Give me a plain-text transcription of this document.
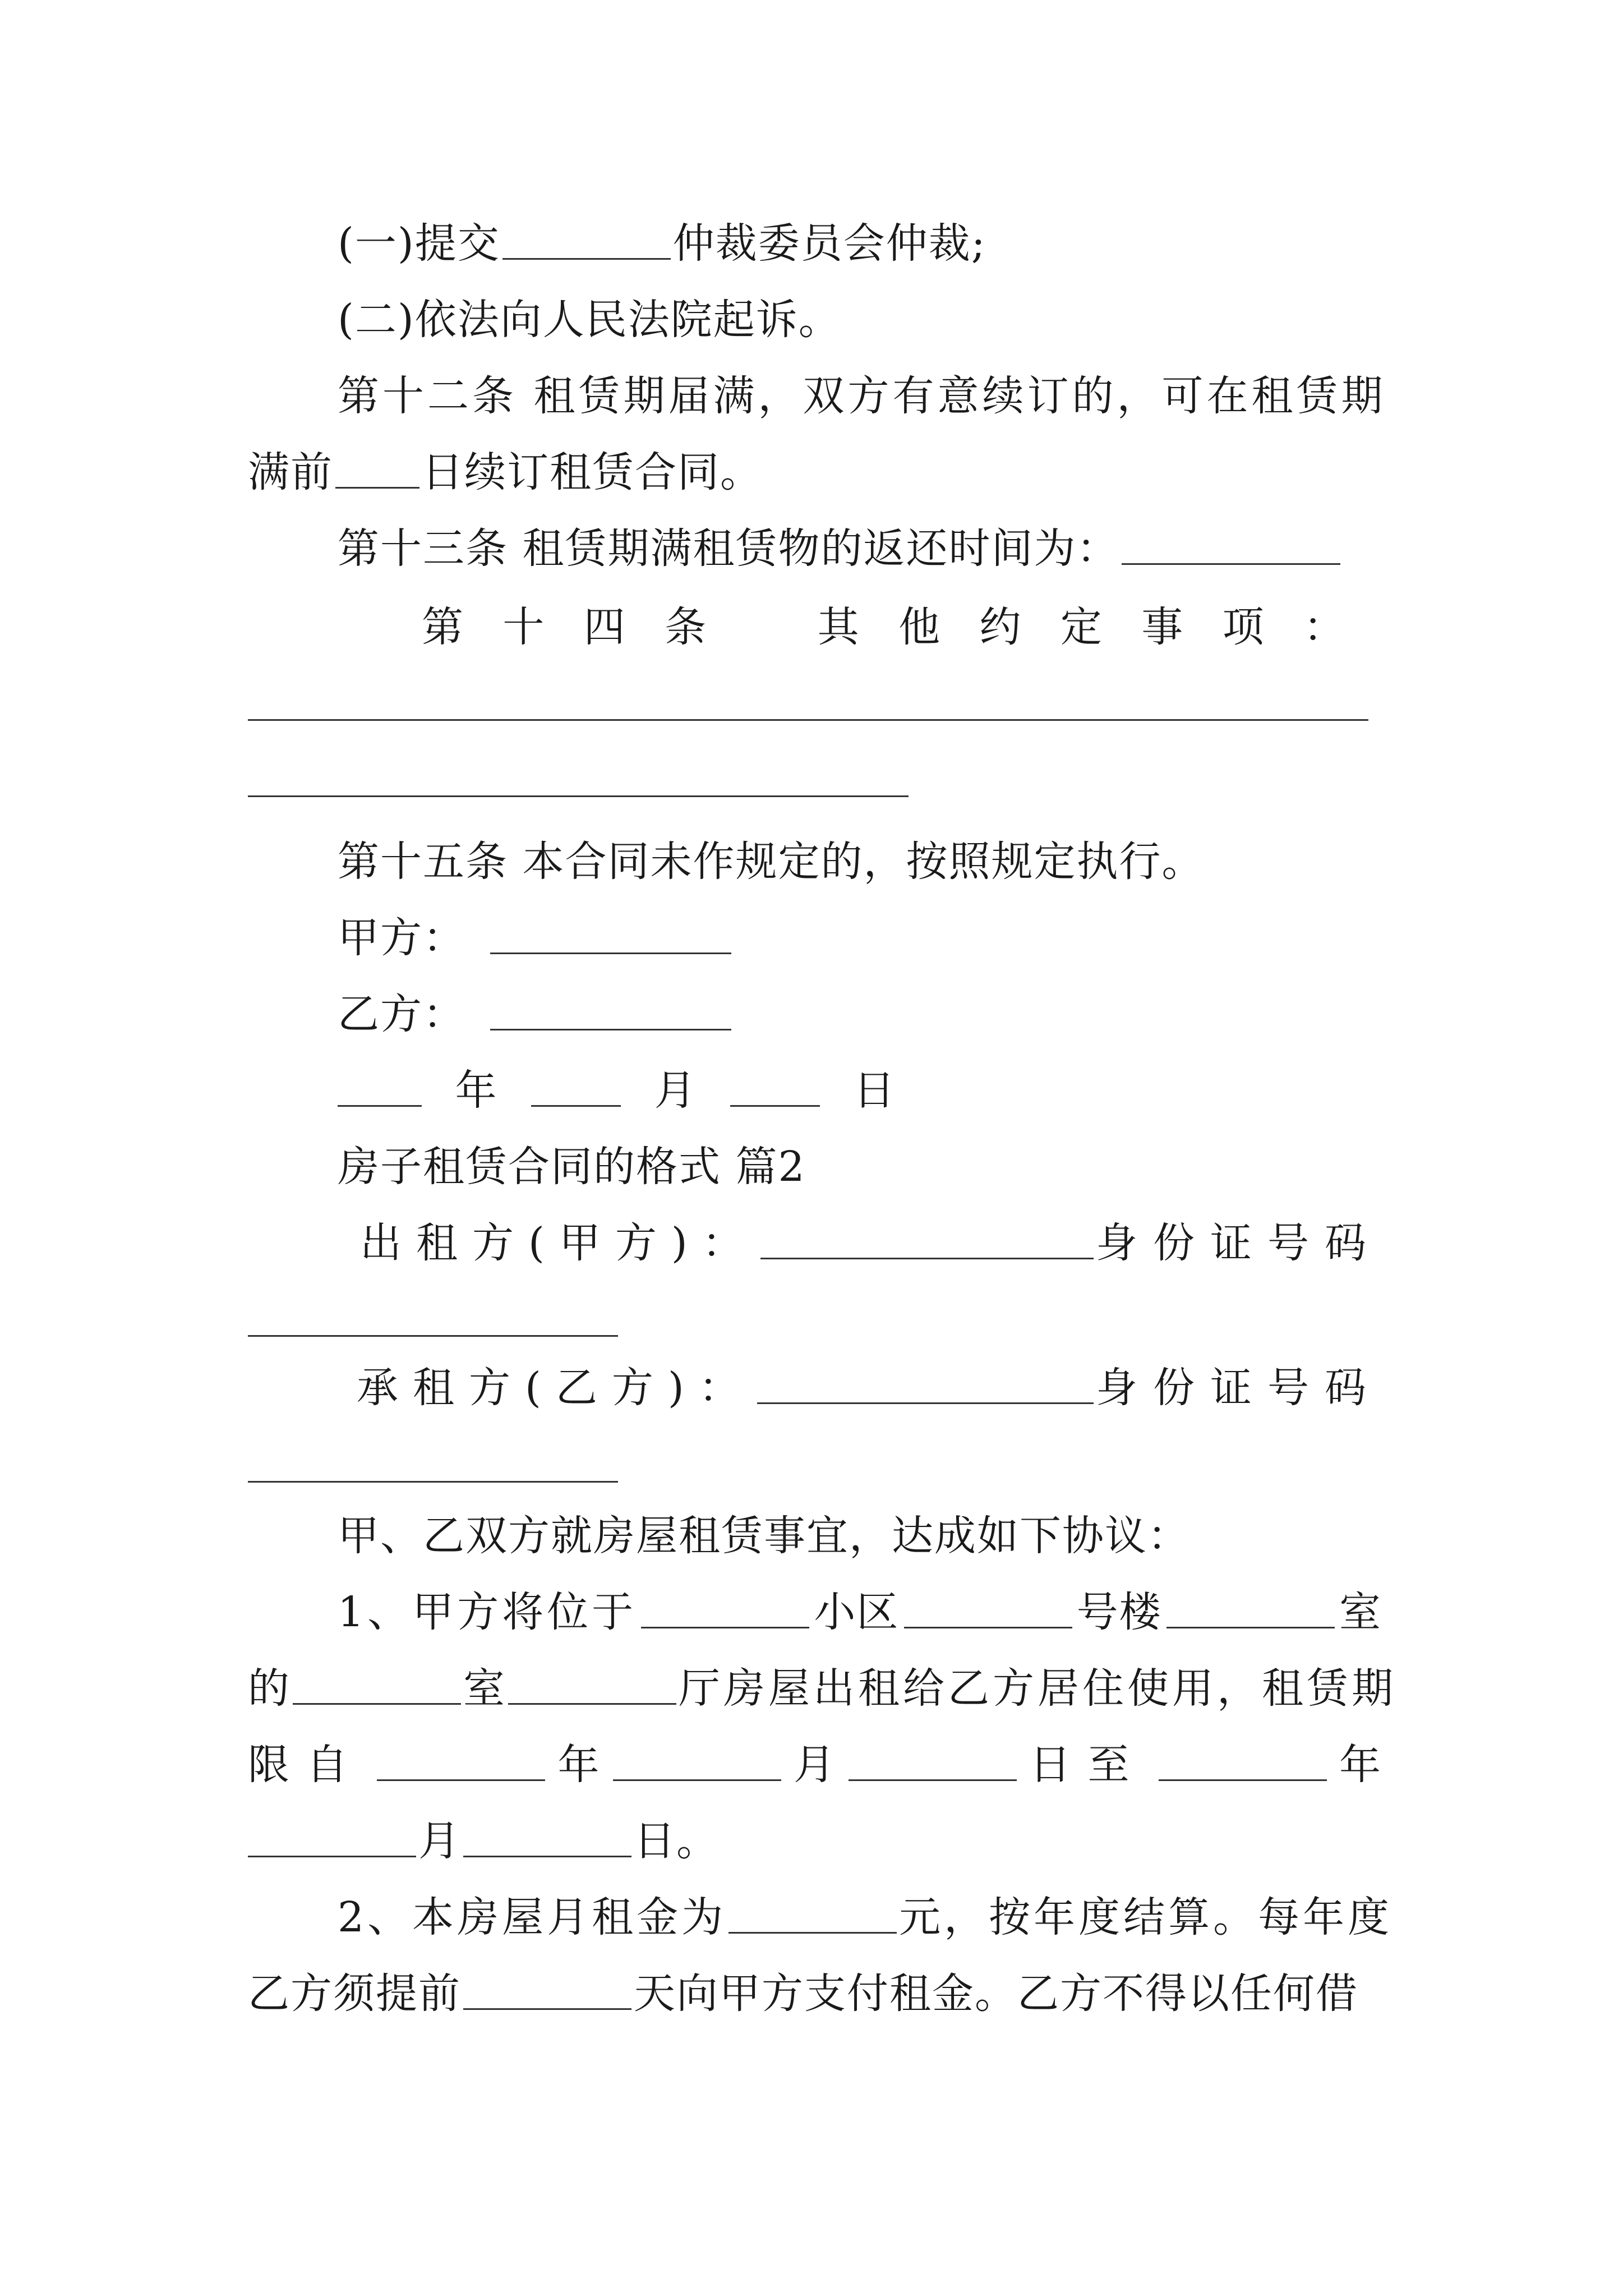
(一)提交	仲裁委员会仲裁;
(二)依法向人民法院起诉。
第十二条 租赁期届满，双方有意续订的，可在租赁期
满前 日续订租赁合同。
第十三条 租赁期满租赁物的返还时间为：
第 十 四 条	其 他 约 定 事 项 ：
第十五条 本合同未作规定的，按照规定执行。
甲方：
乙方：
年	月	日
房子租赁合同的格式 篇2
出租方(甲方)：	身份证号码
承租方(乙方)：	身份证号码
甲、乙双方就房屋租赁事宜，达成如下协议：
1、甲方将位于	小区	号楼	室
的	室	厅房屋出租给乙方居住使用，租赁期
限自	年	月	日至	年
月	日。
2、本房屋月租金为	元，按年度结算。每年度
乙方须提前	天向甲方支付租金。乙方不得以任何借
